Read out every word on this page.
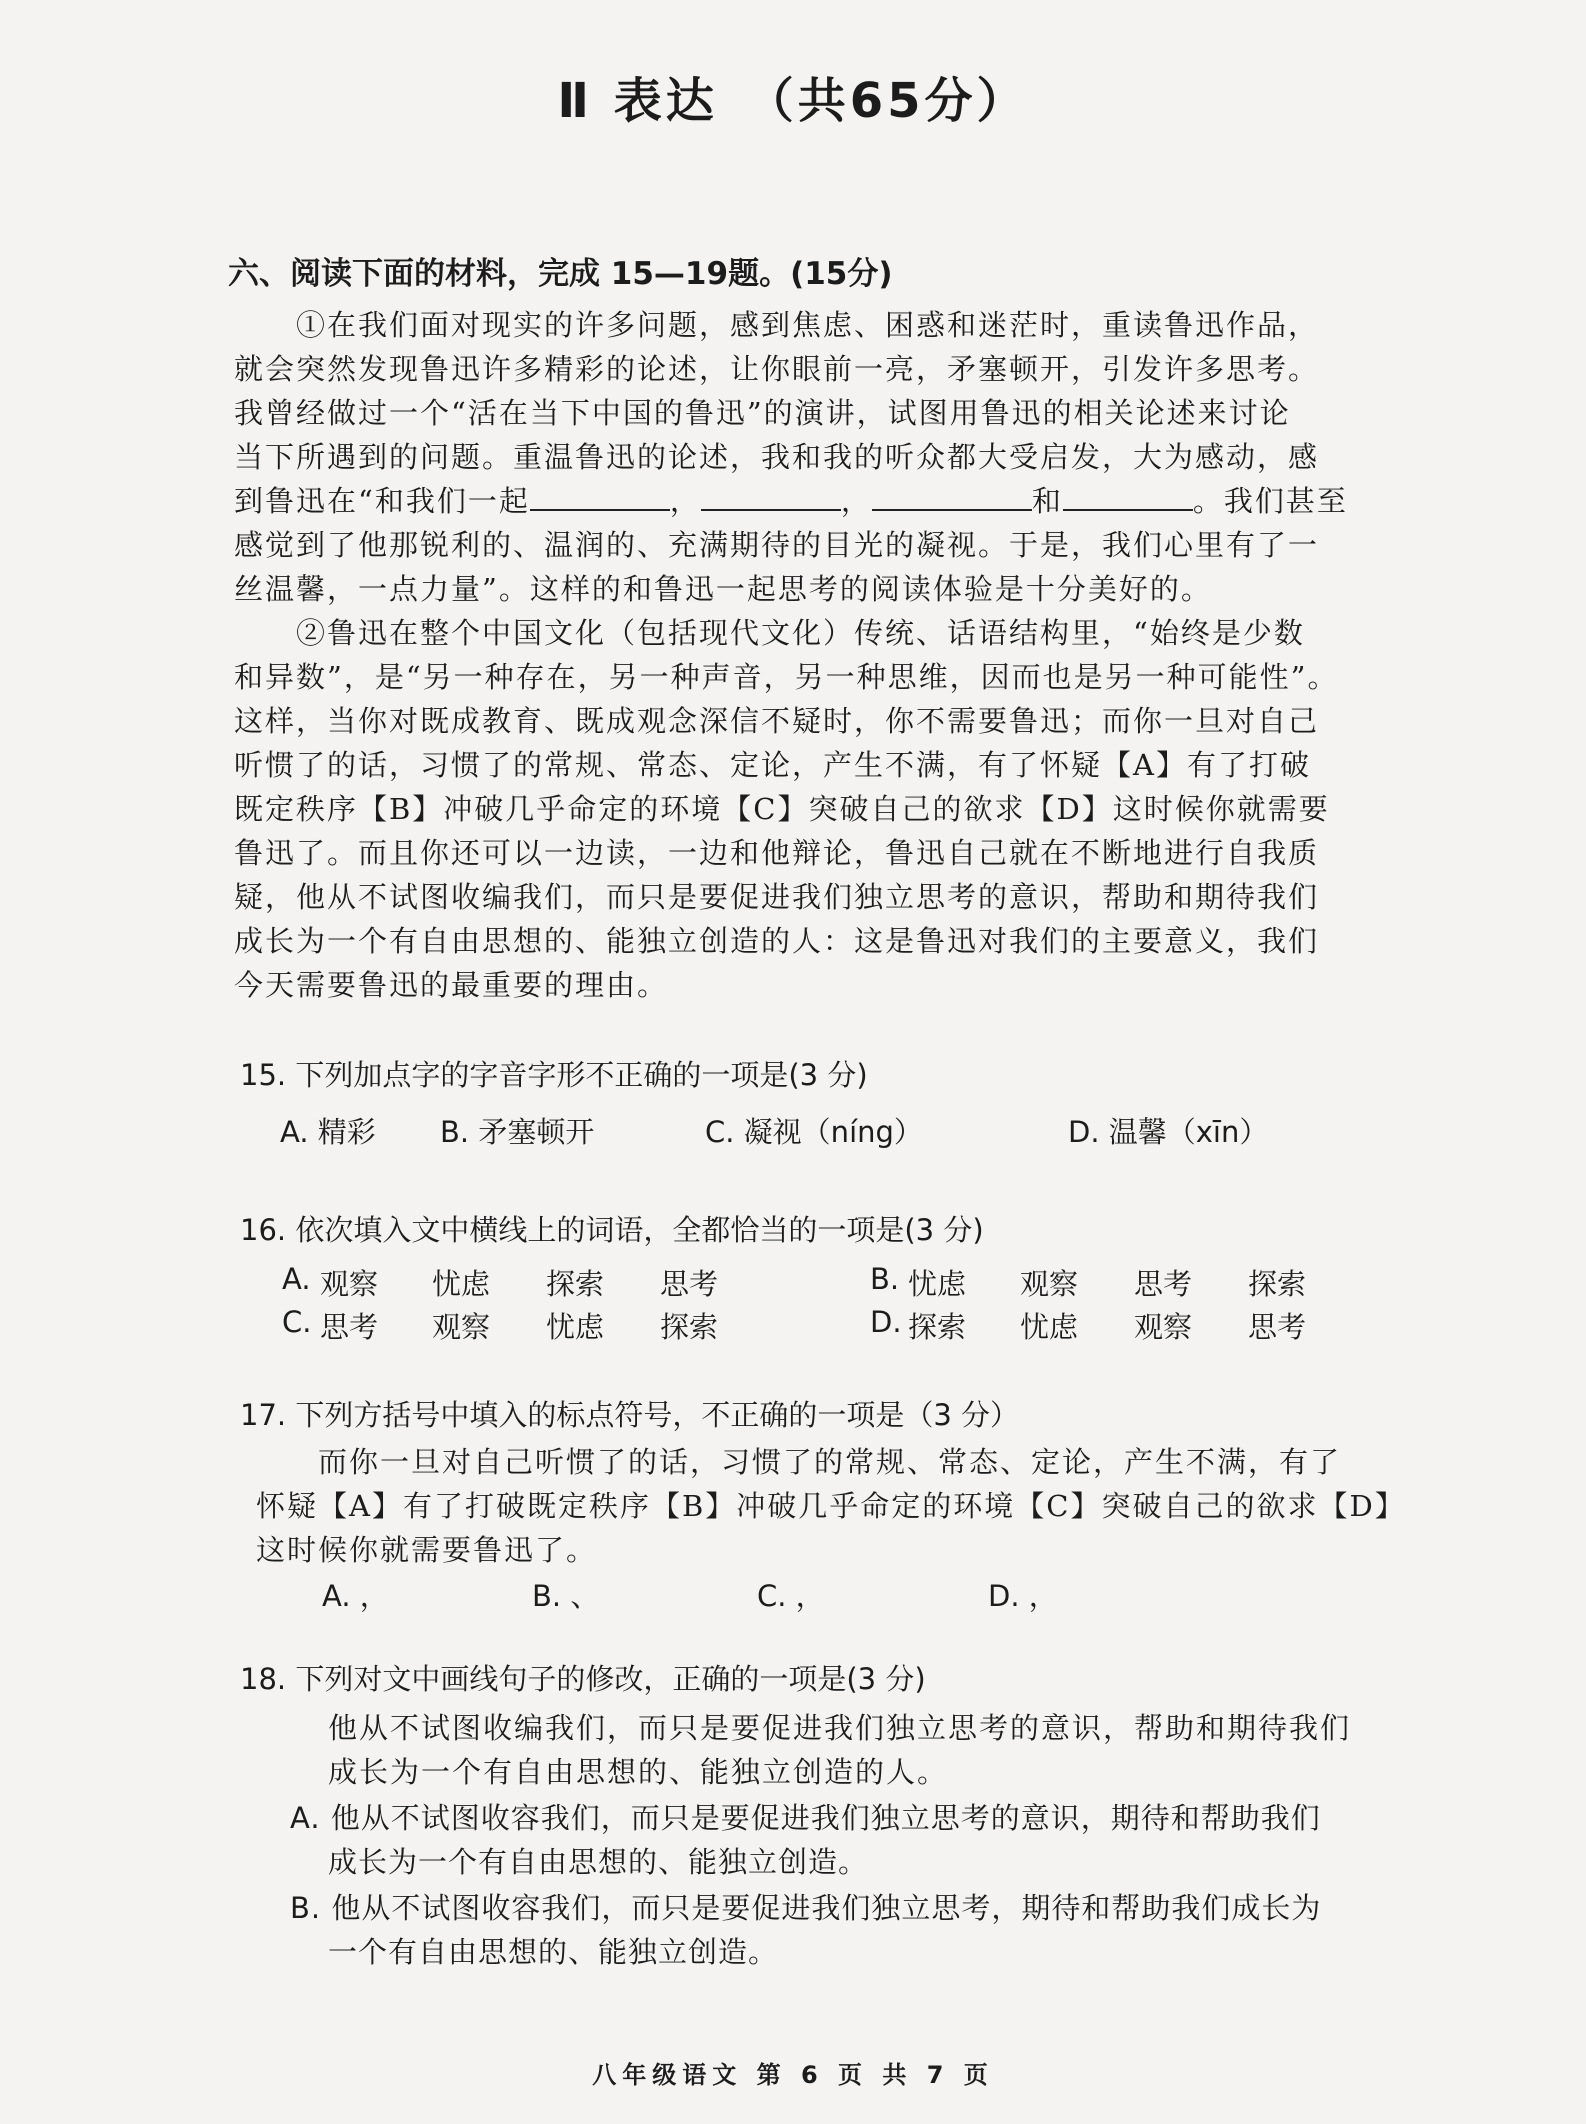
Ⅱ 表达　（共65分）
六、阅读下面的材料，完成 15—19题。(15分)
①在我们面对现实的许多问题，感到焦虑、困惑和迷茫时，重读鲁迅作品，
就会突然发现鲁迅许多精彩的论述，让你眼前一亮，矛塞顿开，引发许多思考。
我曾经做过一个“活在当下中国的鲁迅”的演讲，试图用鲁迅的相关论述来讨论
当下所遇到的问题。重温鲁迅的论述，我和我的听众都大受启发，大为感动，感
到鲁迅在“和我们一起	，	，	和	。我们甚至
感觉到了他那锐利的、温润的、充满期待的目光的凝视。于是，我们心里有了一
丝温馨，一点力量”。这样的和鲁迅一起思考的阅读体验是十分美好的。
②鲁迅在整个中国文化（包括现代文化）传统、话语结构里，“始终是少数
和异数”，是“另一种存在，另一种声音，另一种思维，因而也是另一种可能性”。
这样，当你对既成教育、既成观念深信不疑时，你不需要鲁迅；而你一旦对自己
听惯了的话，习惯了的常规、常态、定论，产生不满，有了怀疑【A】有了打破
既定秩序【B】冲破几乎命定的环境【C】突破自己的欲求【D】这时候你就需要
鲁迅了。而且你还可以一边读，一边和他辩论，鲁迅自己就在不断地进行自我质
疑，他从不试图收编我们，而只是要促进我们独立思考的意识，帮助和期待我们
成长为一个有自由思想的、能独立创造的人：这是鲁迅对我们的主要意义，我们
今天需要鲁迅的最重要的理由。
15. 下列加点字的字音字形不正确的一项是(3 分)
A. 精彩 B. 矛塞顿开	C. 凝视（níng）	D. 温馨（xīn）
16. 依次填入文中横线上的词语，全都恰当的一项是(3 分)
A. 观察 忧虑 探索 思考	B. 忧虑 观察 思考 探索
C. 思考 观察 忧虑 探索	D. 探索 忧虑 观察 思考
17. 下列方括号中填入的标点符号，不正确的一项是（3 分）
而你一旦对自己听惯了的话，习惯了的常规、常态、定论，产生不满，有了
怀疑【A】有了打破既定秩序【B】冲破几乎命定的环境【C】突破自己的欲求【D】
这时候你就需要鲁迅了。
A. ，	B. 、	C. ，	D. ，
18. 下列对文中画线句子的修改，正确的一项是(3 分)
他从不试图收编我们，而只是要促进我们独立思考的意识，帮助和期待我们
成长为一个有自由思想的、能独立创造的人。
A. 他从不试图收容我们，而只是要促进我们独立思考的意识，期待和帮助我们
成长为一个有自由思想的、能独立创造。
B. 他从不试图收容我们，而只是要促进我们独立思考，期待和帮助我们成长为
一个有自由思想的、能独立创造。
八年级语文 第 6 页 共 7 页
